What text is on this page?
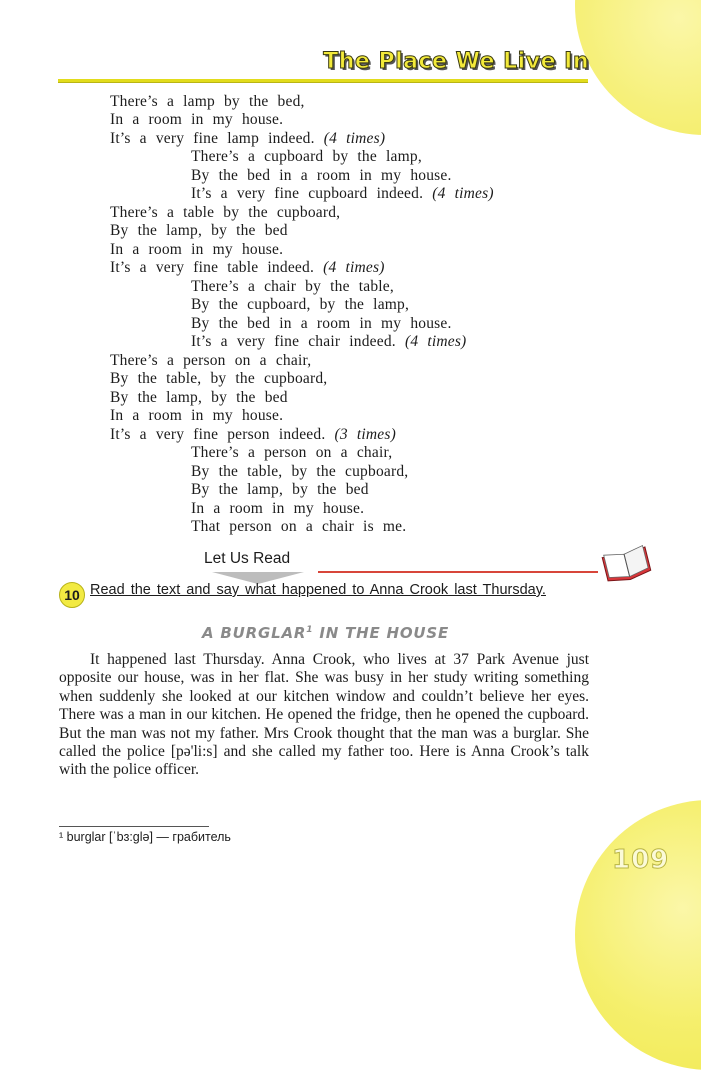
The Place We Live In
There’s a lamp by the bed,
In a room in my house.
It’s a very fine lamp indeed. (4 times)
There’s a cupboard by the lamp,
By the bed in a room in my house.
It’s a very fine cupboard indeed. (4 times)
There’s a table by the cupboard,
By the lamp, by the bed
In a room in my house.
It’s a very fine table indeed. (4 times)
There’s a chair by the table,
By the cupboard, by the lamp,
By the bed in a room in my house.
It’s a very fine chair indeed. (4 times)
There’s a person on a chair,
By the table, by the cupboard,
By the lamp, by the bed
In a room in my house.
It’s a very fine person indeed. (3 times)
There’s a person on a chair,
By the table, by the cupboard,
By the lamp, by the bed
In a room in my house.
That person on a chair is me.
Let Us Read
10 Read the text and say what happened to Anna Crook last Thursday.
A BURGLAR$^1$ IN THE HOUSE

It happened last Thursday. Anna Crook, who lives at 37 Park Avenue just opposite our house, was in her flat. She was busy in her study writing something when suddenly she looked at our kitchen window and couldn’t believe her eyes. There was a man in our kitchen. He opened the fridge, then he opened the cupboard. But the man was not my father. Mrs Crook thought that the man was a burglar. She called the police [pə'li:s] and she called my father too. Here is Anna Crook’s talk with the police officer.

¹ burglar [ˈbɜ:glə] — грабитель
109
